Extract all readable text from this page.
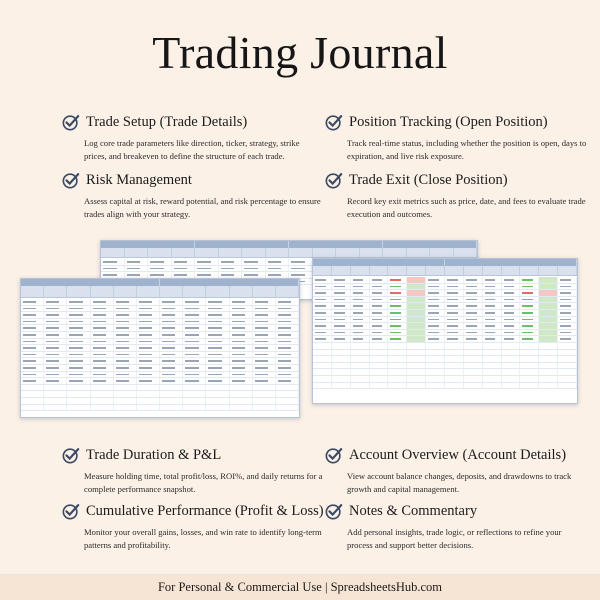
Trading Journal
Trade Setup (Trade Details)

Log core trade parameters like direction, ticker, strategy, strike prices, and breakeven to define the structure of each trade.

Position Tracking (Open Position)

Track real-time status, including whether the position is open, days to expiration, and live risk exposure.

Risk Management

Assess capital at risk, reward potential, and risk percentage to ensure trades align with your strategy.

Trade Exit (Close Position)

Record key exit metrics such as price, date, and fees to evaluate trade execution and outcomes.

Trade Duration & P&L

Measure holding time, total profit/loss, ROI%, and daily returns for a complete performance snapshot.

Account Overview (Account Details)

View account balance changes, deposits, and drawdowns to track growth and capital management.

Cumulative Performance (Profit & Loss)

Monitor your overall gains, losses, and win rate to identify long-term patterns and profitability.

Notes & Commentary

Add personal insights, trade logic, or reflections to refine your process and support better decisions.

For Personal & Commercial Use | SpreadsheetsHub.com
